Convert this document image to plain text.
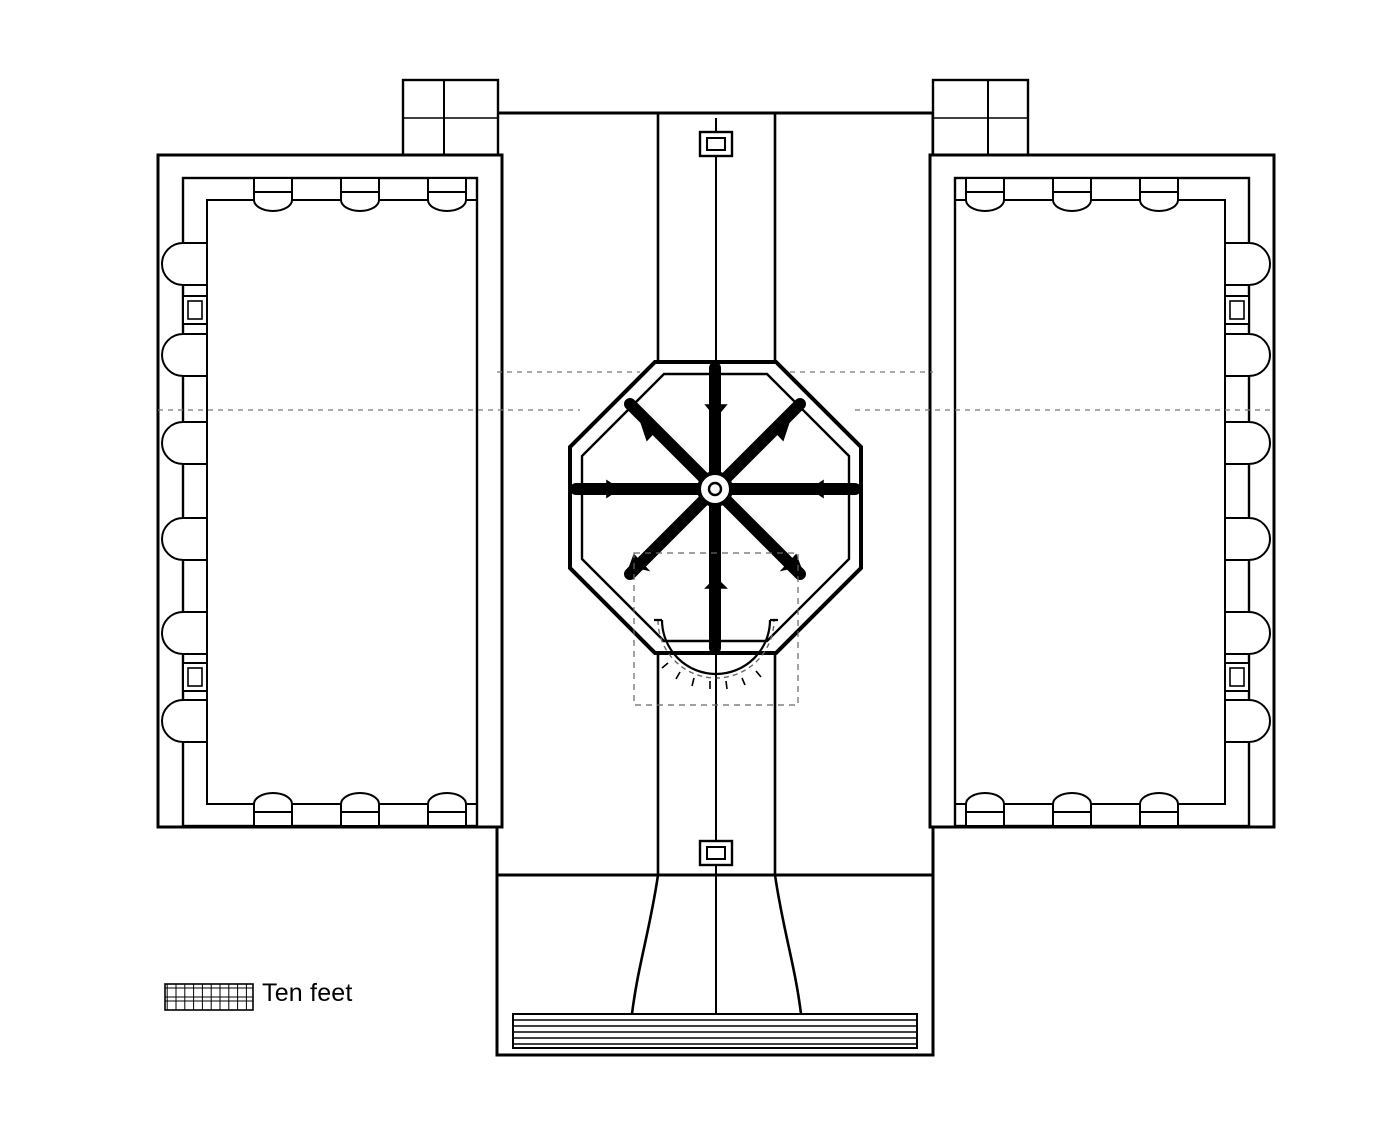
Ten feet
